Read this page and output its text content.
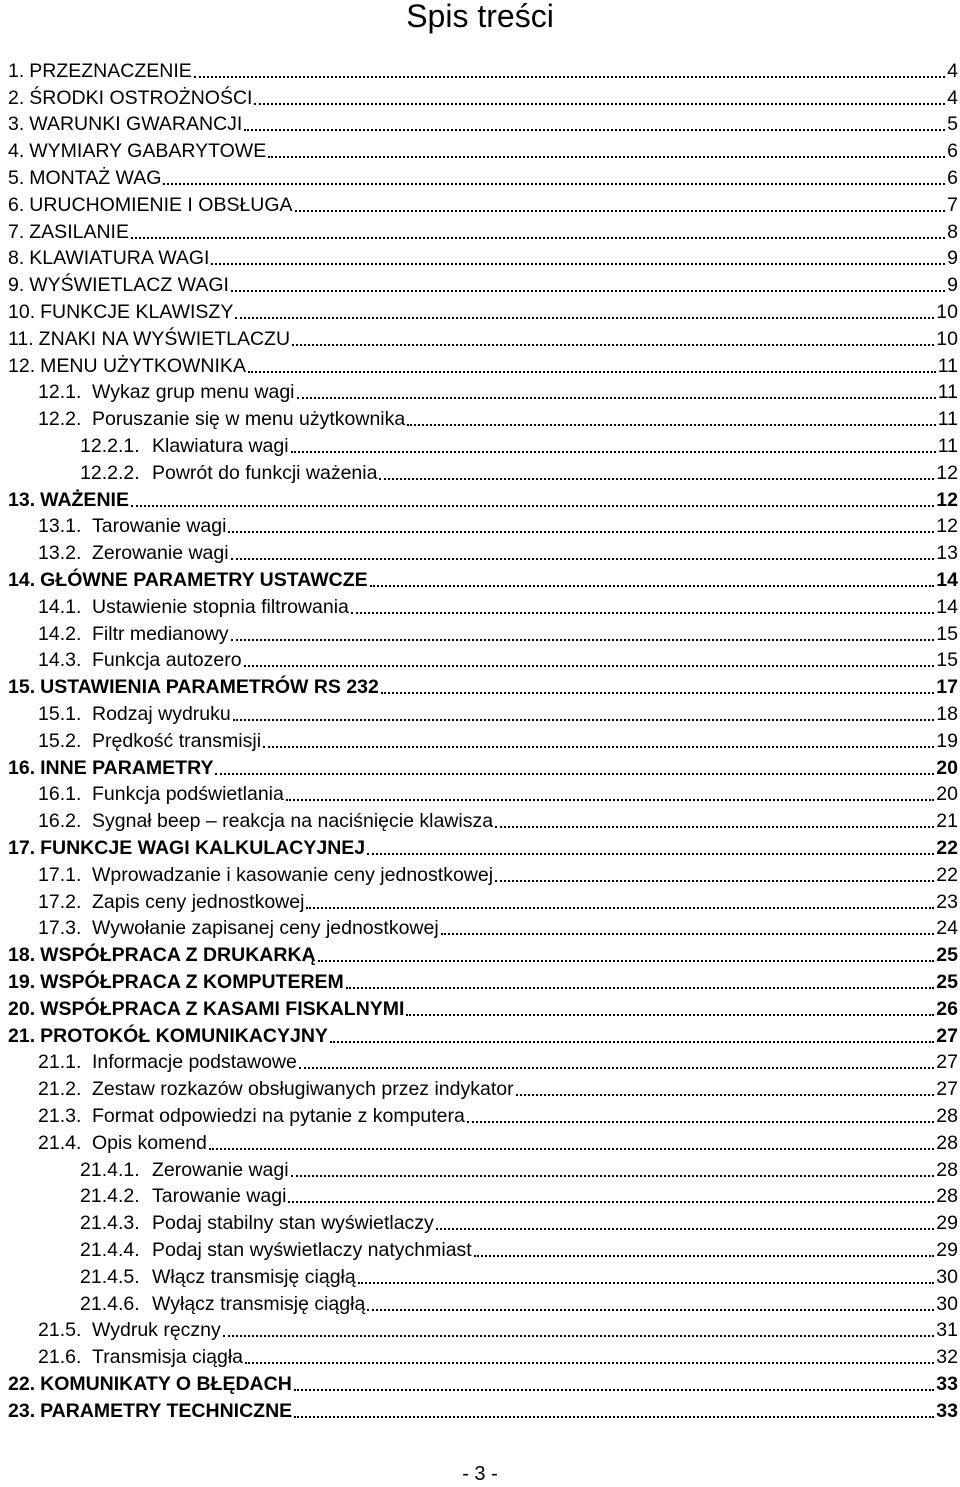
Spis treści
1. PRZEZNACZENIE	4
2. ŚRODKI OSTROŻNOŚCI	4
3. WARUNKI GWARANCJI	5
4. WYMIARY GABARYTOWE	6
5. MONTAŻ WAG	6
6. URUCHOMIENIE I OBSŁUGA	7
7. ZASILANIE	8
8. KLAWIATURA WAGI	9
9. WYŚWIETLACZ WAGI	9
10. FUNKCJE KLAWISZY	10
11. ZNAKI NA WYŚWIETLACZU	10
12. MENU UŻYTKOWNIKA	11
12.1. Wykaz grup menu wagi	11
12.2. Poruszanie się w menu użytkownika	11
12.2.1. Klawiatura wagi	11
12.2.2. Powrót do funkcji ważenia	12
13. WAŻENIE	12
13.1. Tarowanie wagi	12
13.2. Zerowanie wagi	13
14. GŁÓWNE PARAMETRY USTAWCZE	14
14.1. Ustawienie stopnia filtrowania	14
14.2. Filtr medianowy	15
14.3. Funkcja autozero	15
15. USTAWIENIA PARAMETRÓW RS 232	17
15.1. Rodzaj wydruku	18
15.2. Prędkość transmisji	19
16. INNE PARAMETRY	20
16.1. Funkcja podświetlania	20
16.2. Sygnał beep – reakcja na naciśnięcie klawisza	21
17. FUNKCJE WAGI KALKULACYJNEJ	22
17.1. Wprowadzanie i kasowanie ceny jednostkowej	22
17.2. Zapis ceny jednostkowej	23
17.3. Wywołanie zapisanej ceny jednostkowej	24
18. WSPÓŁPRACA Z DRUKARKĄ	25
19. WSPÓŁPRACA Z KOMPUTEREM	25
20. WSPÓŁPRACA Z KASAMI FISKALNYMI	26
21. PROTOKÓŁ KOMUNIKACYJNY	27
21.1. Informacje podstawowe	27
21.2. Zestaw rozkazów obsługiwanych przez indykator	27
21.3. Format odpowiedzi na pytanie z komputera	28
21.4. Opis komend	28
21.4.1. Zerowanie wagi	28
21.4.2. Tarowanie wagi	28
21.4.3. Podaj stabilny stan wyświetlaczy	29
21.4.4. Podaj stan wyświetlaczy natychmiast	29
21.4.5. Włącz transmisję ciągłą	30
21.4.6. Wyłącz transmisję ciągłą	30
21.5. Wydruk ręczny	31
21.6. Transmisja ciągła	32
22. KOMUNIKATY O BŁĘDACH	33
23. PARAMETRY TECHNICZNE	33
- 3 -
